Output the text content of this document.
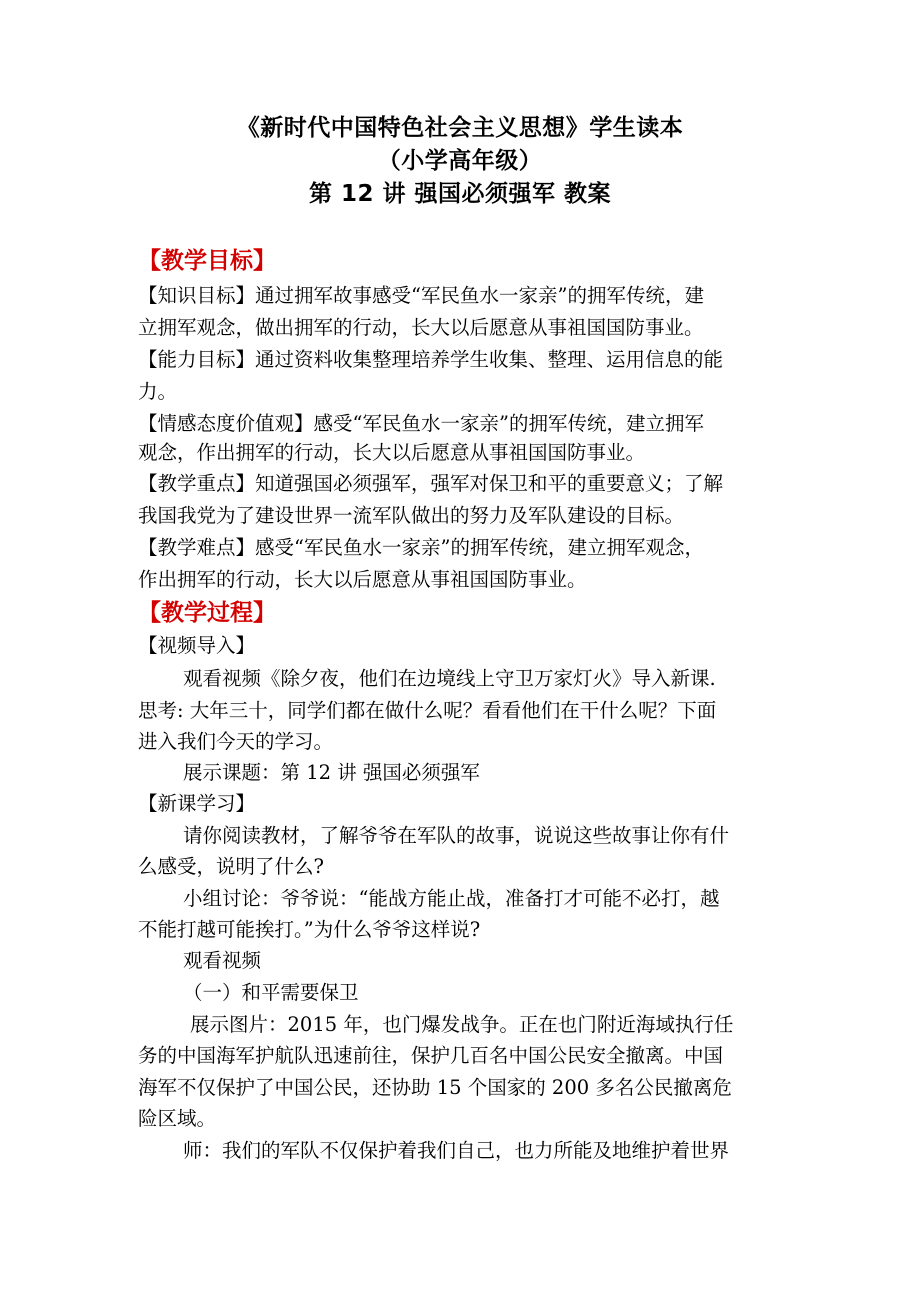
《新时代中国特色社会主义思想》学生读本
（小学高年级）
第 12 讲 强国必须强军 教案
【教学目标】
【知识目标】通过拥军故事感受“军民鱼水一家亲”的拥军传统，建
立拥军观念，做出拥军的行动，长大以后愿意从事祖国国防事业。
【能力目标】通过资料收集整理培养学生收集、整理、运用信息的能
力。
【情感态度价值观】感受“军民鱼水一家亲”的拥军传统，建立拥军
观念，作出拥军的行动，长大以后愿意从事祖国国防事业。
【教学重点】知道强国必须强军，强军对保卫和平的重要意义；了解
我国我党为了建设世界一流军队做出的努力及军队建设的目标。
【教学难点】感受“军民鱼水一家亲”的拥军传统，建立拥军观念，
作出拥军的行动，长大以后愿意从事祖国国防事业。
【教学过程】
【视频导入】
观看视频《除夕夜，他们在边境线上守卫万家灯火》导入新课.
思考: 大年三十，同学们都在做什么呢？看看他们在干什么呢？下面
进入我们今天的学习。
展示课题：第 12 讲 强国必须强军
【新课学习】
请你阅读教材，了解爷爷在军队的故事，说说这些故事让你有什
么感受，说明了什么?
小组讨论：爷爷说：“能战方能止战，准备打才可能不必打，越
不能打越可能挨打。”为什么爷爷这样说?
观看视频
（一）和平需要保卫
展示图片：2015 年，也门爆发战争。正在也门附近海域执行任
务的中国海军护航队迅速前往，保护几百名中国公民安全撤离。中国
海军不仅保护了中国公民，还协助 15 个国家的 200 多名公民撤离危
险区域。
师：我们的军队不仅保护着我们自己，也力所能及地维护着世界
